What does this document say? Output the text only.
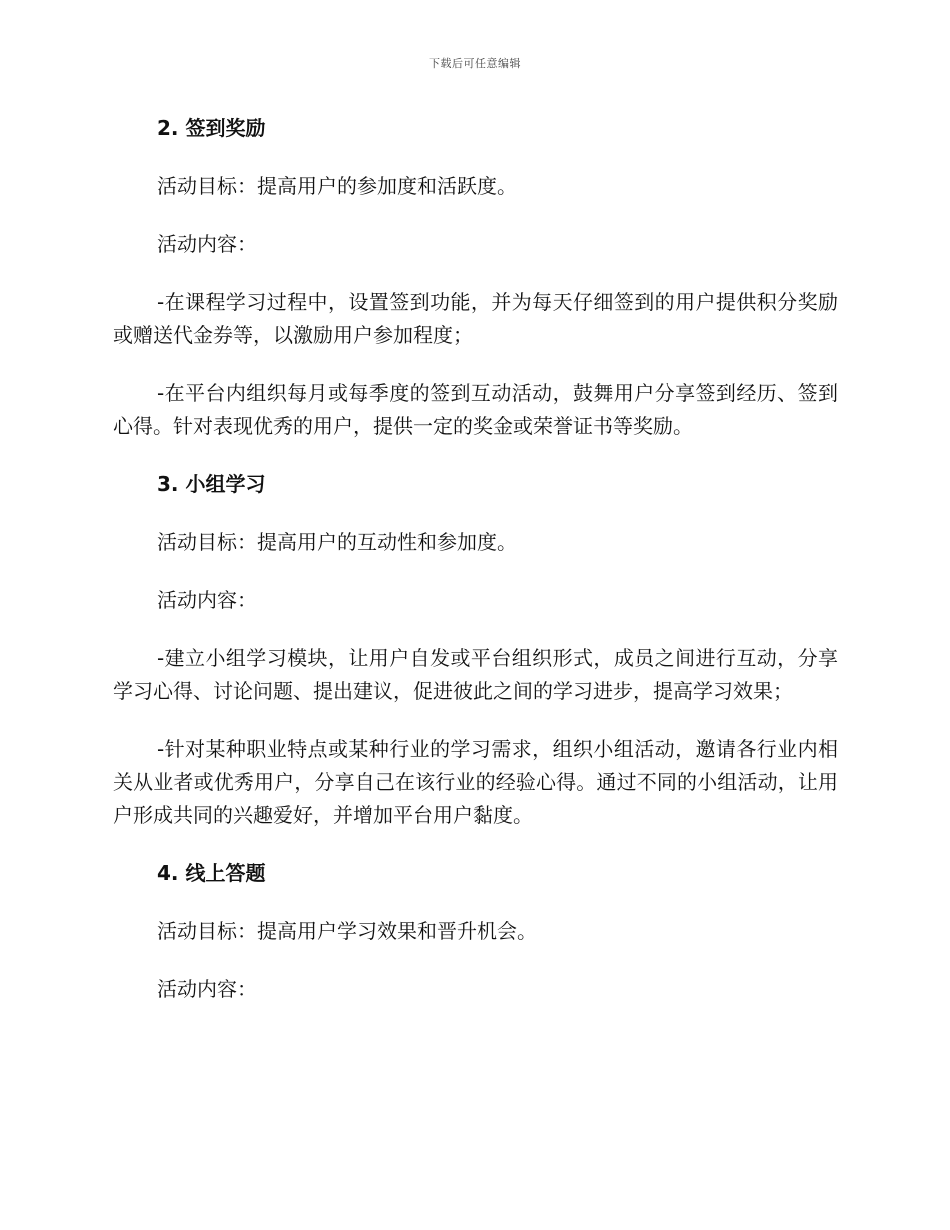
下载后可任意编辑
2. 签到奖励
活动目标：提高用户的参加度和活跃度。
活动内容：
-在课程学习过程中，设置签到功能，并为每天仔细签到的用户提供积分奖励或赠送代金券等，以激励用户参加程度；
-在平台内组织每月或每季度的签到互动活动，鼓舞用户分享签到经历、签到心得。针对表现优秀的用户，提供一定的奖金或荣誉证书等奖励。
3. 小组学习
活动目标：提高用户的互动性和参加度。
活动内容：
-建立小组学习模块，让用户自发或平台组织形式，成员之间进行互动，分享学习心得、讨论问题、提出建议，促进彼此之间的学习进步，提高学习效果；
-针对某种职业特点或某种行业的学习需求，组织小组活动，邀请各行业内相关从业者或优秀用户，分享自己在该行业的经验心得。通过不同的小组活动，让用户形成共同的兴趣爱好，并增加平台用户黏度。
4. 线上答题
活动目标：提高用户学习效果和晋升机会。
活动内容：
